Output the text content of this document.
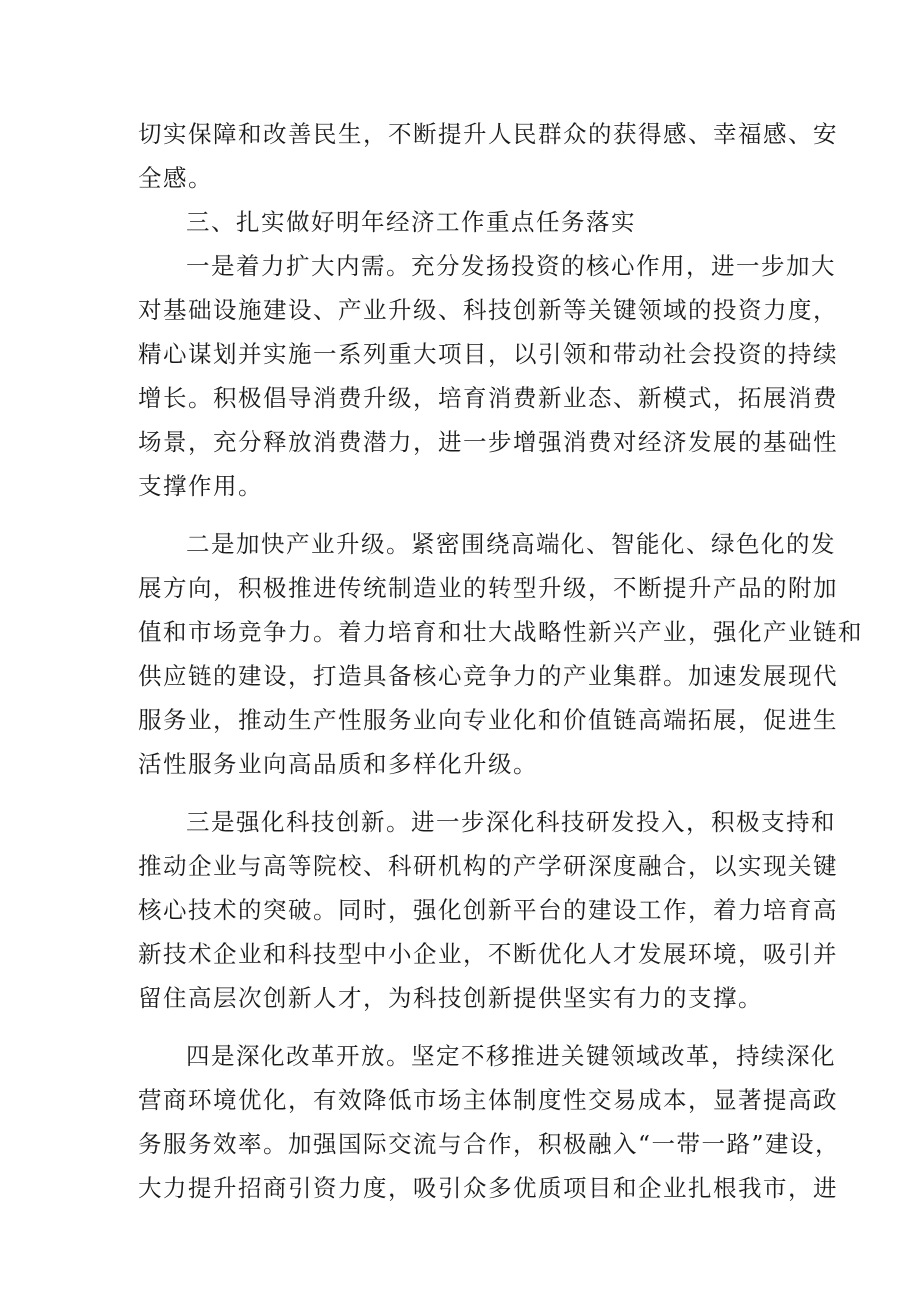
切实保障和改善民生，不断提升人民群众的获得感、幸福感、安
全感。
三、扎实做好明年经济工作重点任务落实
一是着力扩大内需。充分发扬投资的核心作用，进一步加大
对基础设施建设、产业升级、科技创新等关键领域的投资力度，
精心谋划并实施一系列重大项目，以引领和带动社会投资的持续
增长。积极倡导消费升级，培育消费新业态、新模式，拓展消费
场景，充分释放消费潜力，进一步增强消费对经济发展的基础性
支撑作用。
二是加快产业升级。紧密围绕高端化、智能化、绿色化的发
展方向，积极推进传统制造业的转型升级，不断提升产品的附加
值和市场竞争力。着力培育和壮大战略性新兴产业，强化产业链和
供应链的建设，打造具备核心竞争力的产业集群。加速发展现代
服务业，推动生产性服务业向专业化和价值链高端拓展，促进生
活性服务业向高品质和多样化升级。
三是强化科技创新。进一步深化科技研发投入，积极支持和
推动企业与高等院校、科研机构的产学研深度融合，以实现关键
核心技术的突破。同时，强化创新平台的建设工作，着力培育高
新技术企业和科技型中小企业，不断优化人才发展环境，吸引并
留住高层次创新人才，为科技创新提供坚实有力的支撑。
四是深化改革开放。坚定不移推进关键领域改革，持续深化
营商环境优化，有效降低市场主体制度性交易成本，显著提高政
务服务效率。加强国际交流与合作，积极融入“一带一路”建设，
大力提升招商引资力度，吸引众多优质项目和企业扎根我市，进
